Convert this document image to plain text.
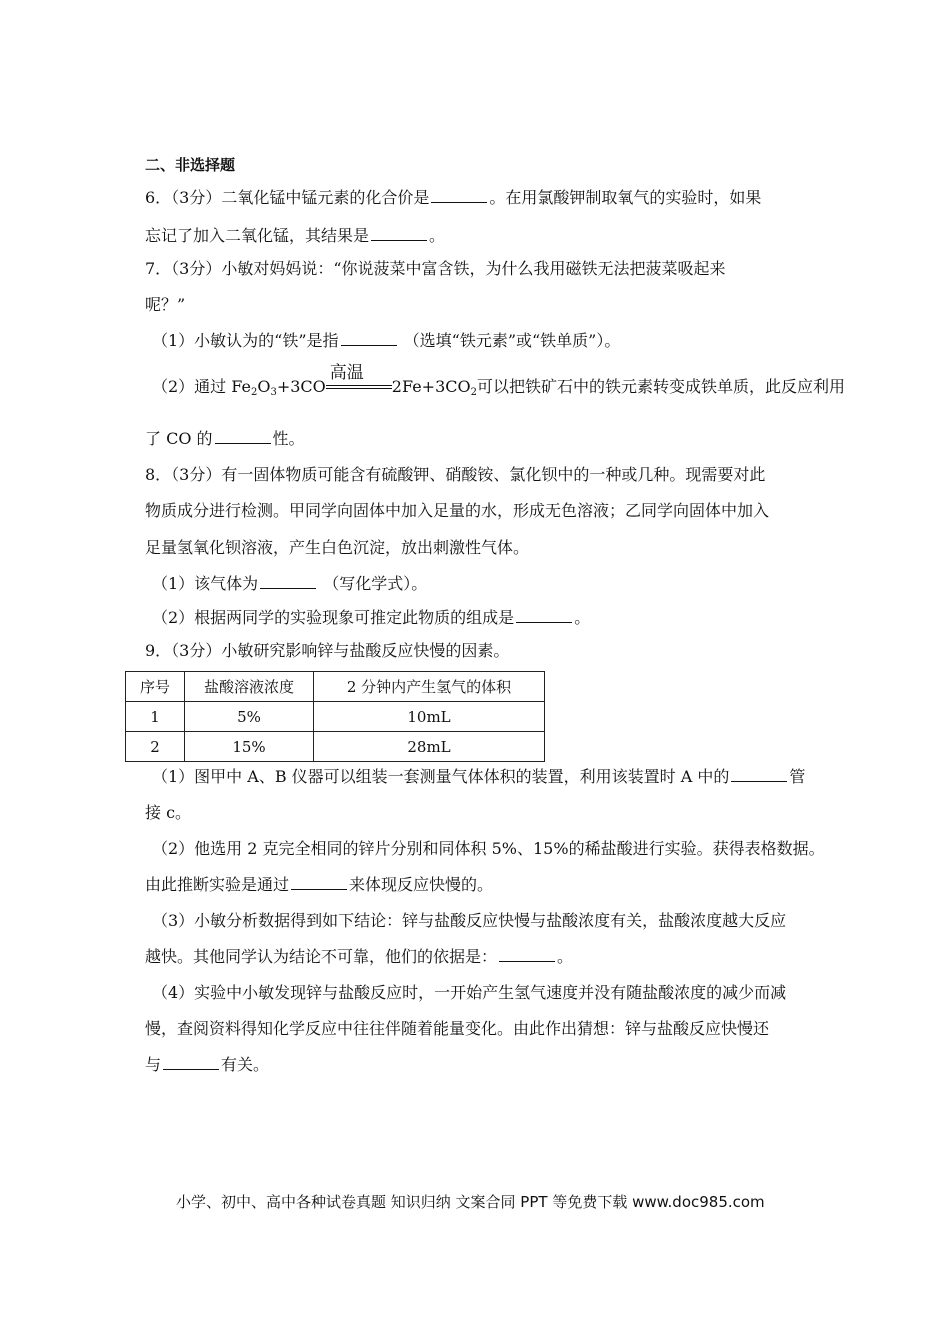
二、非选择题
6．（3分）二氧化锰中锰元素的化合价是	。在用氯酸钾制取氧气的实验时，如果
忘记了加入二氧化锰，其结果是	。
7．（3分）小敏对妈妈说：“你说菠菜中富含铁，为什么我用磁铁无法把菠菜吸起来
呢？”
（1）小敏认为的“铁”是指	（选填“铁元素”或“铁单质”）。
（2）通过 $Fe_2O_3+3CO$
高温
$2Fe+3CO_2$可以把铁矿石中的铁元素转变成铁单质，此反应利用
了 CO 的	性。
8．（3分）有一固体物质可能含有硫酸钾、硝酸铵、氯化钡中的一种或几种。现需要对此
物质成分进行检测。甲同学向固体中加入足量的水，形成无色溶液；乙同学向固体中加入
足量氢氧化钡溶液，产生白色沉淀，放出刺激性气体。
（1）该气体为	（写化学式）。
（2）根据两同学的实验现象可推定此物质的组成是	。
9．（3分）小敏研究影响锌与盐酸反应快慢的因素。
序号	盐酸溶液浓度	2 分钟内产生氢气的体积
1	5%	10mL
2	15%	28mL
（1）图甲中 A、B 仪器可以组装一套测量气体体积的装置，利用该装置时 A 中的	管
接 c。
（2）他选用 2 克完全相同的锌片分别和同体积 5%、15%的稀盐酸进行实验。获得表格数据。
由此推断实验是通过	来体现反应快慢的。
（3）小敏分析数据得到如下结论：锌与盐酸反应快慢与盐酸浓度有关，盐酸浓度越大反应
越快。其他同学认为结论不可靠，他们的依据是：	。
（4）实验中小敏发现锌与盐酸反应时，一开始产生氢气速度并没有随盐酸浓度的减少而减
慢，查阅资料得知化学反应中往往伴随着能量变化。由此作出猜想：锌与盐酸反应快慢还
与	有关。
小学、初中、高中各种试卷真题 知识归纳 文案合同 PPT 等免费下载 www.doc985.com
